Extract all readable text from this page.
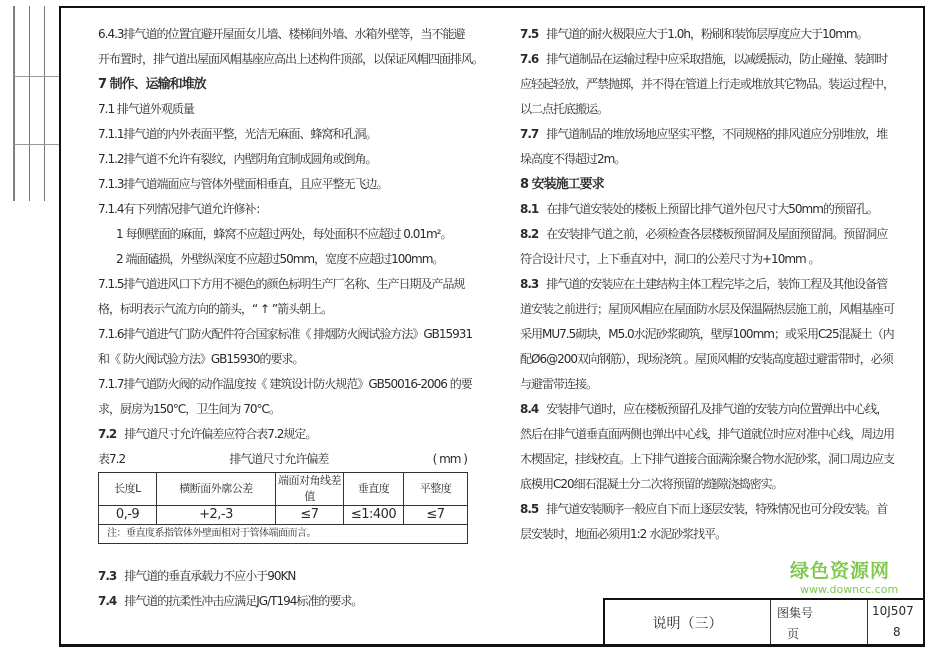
6.4.3排气道的位置宜避开屋面女儿墙、楼梯间外墙、水箱外壁等，当不能避
开布置时，排气道出屋面风帽基座应高出上述构件顶部，以保证风帽四面排风。
7 制作、运输和堆放
7.1 排气道外观质量
7.1.1排气道的内外表面平整，光洁无麻面、蜂窝和孔洞。
7.1.2排气道不允许有裂纹，内壁阴角宜制成圆角或倒角。
7.1.3排气道端面应与管体外壁面相垂直，且应平整无飞边。
7.1.4有下列情况排气道允许修补：
1 每侧壁面的麻面，蜂窝不应超过两处，每处面积不应超过 0.01m²。
2 端面磕损，外壁纵深度不应超过50mm，宽度不应超过100mm。
7.1.5排气道进风口下方用不褪色的颜色标明生产厂名称、生产日期及产品规
格，标明表示气流方向的箭头，“ ↑ ”箭头朝上。
7.1.6排气道进气门防火配件符合国家标准《 排烟防火阀试验方法》GB15931
和《 防火阀试验方法》GB15930的要求。
7.1.7排气道防火阀的动作温度按《 建筑设计防火规范》GB50016-2006 的要
求，厨房为150℃，卫生间为 70℃。
7.2 排气道尺寸允许偏差应符合表7.2规定。
表7.2	排气道尺寸允许偏差	( mm )
长度L	横断面外廓公差	端面对角线差值	垂直度	平整度
0,-9	+2,-3	≤7	≤1:400	≤7
注：垂直度系指管体外壁面相对于管体端面而言。				
7.3 排气道的垂直承载力不应小于90KN
7.4 排气道的抗柔性冲击应满足JG/T194标准的要求。
7.5 排气道的耐火极限应大于1.0h，粉刷和装饰层厚度应大于10mm。
7.6 排气道制品在运输过程中应采取措施，以减缓振动，防止碰撞、装卸时
应轻起轻放，严禁抛掷，并不得在管道上行走或堆放其它物品。装运过程中，
以二点托底搬运。
7.7 排气道制品的堆放场地应坚实平整，不同规格的排风道应分别堆放，堆
垛高度不得超过2m。
8 安装施工要求
8.1 在排气道安装处的楼板上预留比排气道外包尺寸大50mm的预留孔。
8.2 在安装排气道之前，必须检查各层楼板预留洞及屋面预留洞。预留洞应
符合设计尺寸，上下垂直对中，洞口的公差尺寸为+10mm 。
8.3 排气道的安装应在土建结构主体工程完毕之后，装饰工程及其他设备管
道安装之前进行；屋顶风帽应在屋面防水层及保温隔热层施工前，风帽基座可
采用MU7.5砌块，M5.0水泥砂浆砌筑，壁厚100mm；或采用C25混凝土（内
配Ø6@200双向钢筋），现场浇筑 。屋顶风帽的安装高度超过避雷带时，必须
与避雷带连接。
8.4 安装排气道时，应在楼板预留孔及排气道的安装方向位置弹出中心线，
然后在排气道垂直面两侧也弹出中心线，排气道就位时应对准中心线，周边用
木楔固定，挂线校直。上下排气道接合面满涂聚合物水泥砂浆，洞口周边应支
底模用C20细石混凝土分二次将预留的缝隙浇捣密实。
8.5 排气道安装顺序一般应自下而上逐层安装，特殊情况也可分段安装。首
层安装时，地面必须用1:2 水泥砂浆找平。
说明（三）
图集号	10J507
页	8
绿色资源网
www.downcc.com
